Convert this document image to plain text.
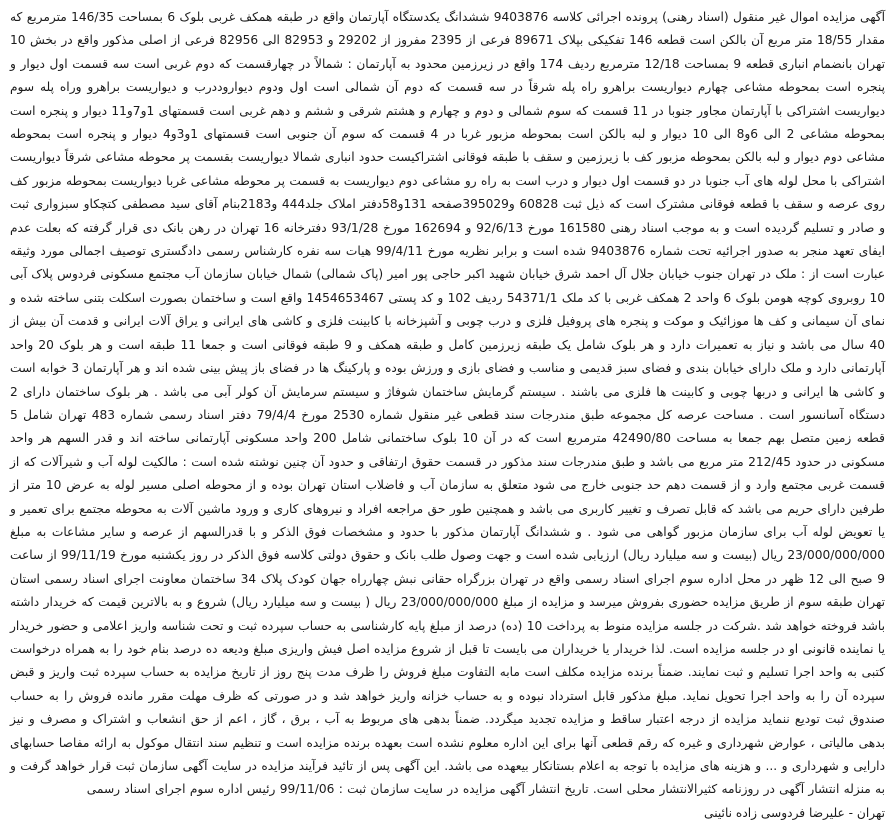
آگهی مزایده اموال غیر منقول (اسناد رهنی) پرونده اجرائی کلاسه 9403876 ششدانگ یکدستگاه آپارتمان واقع در طبقه همکف غربی بلوک 6 بمساحت 146/35 مترمربع که مقدار 18/55 متر مربع آن بالکن است قطعه 146 تفکیکی بپلاک 89671 فرعی از 2395 مفروز از 29202 و 82953 الی 82956 فرعی از اصلی مذکور واقع در بخش 10 تهران بانضمام انباری قطعه 9 بمساحت 12/18 مترمربع ردیف 174 واقع در زیرزمین محدود به آپارتمان : شمالاً در چهارقسمت که دوم غربی است سه قسمت اول دیوار و پنجره است بمحوطه مشاعی چهارم دیواریست براهرو راه پله شرقاً در سه قسمت که دوم آن شمالی است اول ودوم دیواروددرب و دیواریست براهرو وراه پله سوم دیواریست اشتراکی با آپارتمان مجاور جنوبا در 11 قسمت که سوم شمالی و دوم و چهارم و هشتم شرقی و ششم و دهم غربی است قسمتهای 1و7و11 دیوار و پنجره است بمحوطه مشاعی 2 الی 6و8 الی 10 دیوار و لبه بالکن است بمحوطه مزبور غربا در 4 قسمت که سوم آن جنوبی است قسمتهای 1و3و4 دیوار و پنجره است بمحوطه مشاعی دوم دیوار و لبه بالکن بمحوطه مزبور کف با زیرزمین و سقف با طبقه فوقانی اشتراکیست حدود انباری شمالا دیواریست بقسمت پر محوطه مشاعی شرقاً دیواریست اشتراکی با محل لوله های آب جنوبا در دو قسمت اول دیوار و درب است به راه رو مشاعی دوم دیواریست به قسمت پر محوطه مشاعی غربا دیواریست بمحوطه مزبور کف روی عرصه و سقف با قطعه فوقانی مشترک است که ذیل ثبت 60828 و395029صفحه 131و58دفتر املاک جلد444 و2183بنام آقای سید مصطفی کتچکاو سبزواری ثبت و صادر و تسلیم گردیده است و به موجب اسناد رهنی 161580 مورخ 92/6/13 و 162694 مورخ 93/1/28 دفترخانه 16 تهران در رهن بانک دی قرار گرفته که بعلت عدم ایفای تعهد منجر به صدور اجرائیه تحت شماره 9403876 شده است و برابر نظریه مورخ 99/4/11 هیات سه نفره کارشناس رسمی دادگستری توصیف اجمالی مورد وثیقه عبارت است از : ملک در تهران جنوب خیابان جلال آل احمد شرق خیابان شهید اکبر حاجی پور امیر (پاک شمالی) شمال خیابان سازمان آب مجتمع مسکونی فردوس پلاک آبی 10 روبروی کوچه هومن بلوک 6 واحد 2 همکف غربی با کد ملک 54371/1 ردیف 102 و کد پستی 1454653467 واقع است و ساختمان بصورت اسکلت بتنی ساخته شده و نمای آن سیمانی و کف ها موزائیک و موکت و پنجره های پروفیل فلزی و درب چوبی و آشپزخانه با کابینت فلزی و کاشی های ایرانی و یراق آلات ایرانی و قدمت آن بیش از 40 سال می باشد و نیاز به تعمیرات دارد و هر بلوک شامل یک طبقه زیرزمین کامل و طبقه همکف و 9 طبقه فوقانی است و جمعا 11 طبقه است و هر بلوک 20 واحد آپارتمانی دارد و ملک دارای خیابان بندی و فضای سبز قدیمی و مناسب و فضای بازی و ورزش بوده و پارکینگ ها در فضای باز پیش بینی شده اند و هر آپارتمان 3 خوابه است و کاشی ها ایرانی و دربها چوبی و کابینت ها فلزی می باشند . سیستم گرمایش ساختمان شوفاژ و سیستم سرمایش آن کولر آبی می باشد . هر بلوک ساختمان دارای 2 دستگاه آسانسور است . مساحت عرصه کل مجموعه طبق مندرجات سند قطعی غیر منقول شماره 2530 مورخ 79/4/4 دفتر اسناد رسمی شماره 483 تهران شامل 5 قطعه زمین متصل بهم جمعا به مساحت 42490/80 مترمربع است که در آن 10 بلوک ساختمانی شامل 200 واحد مسکونی آپارتمانی ساخته اند و قدر السهم هر واحد مسکونی در حدود 212/45 متر مربع می باشد و طبق مندرجات سند مذکور در قسمت حقوق ارتفاقی و حدود آن چنین نوشته شده است : مالکیت لوله آب و شیرآلات که از قسمت غربی مجتمع وارد و از قسمت دهم حد جنوبی خارج می شود متعلق به سازمان آب و فاضلاب استان تهران بوده و از محوطه اصلی مسیر لوله به عرض 10 متر از طرفین دارای حریم می باشد که قابل تصرف و تغییر کاربری می باشد و همچنین طور حق مراجعه افراد و نیروهای کاری و ورود ماشین آلات به محوطه مجتمع برای تعمیر و یا تعویض لوله آب برای سازمان مزبور گواهی می شود . و ششدانگ آپارتمان مذکور با حدود و مشخصات فوق الذکر و با قدرالسهم از عرصه و سایر مشاعات به مبلغ 23/000/000/000 ریال (بیست و سه میلیارد ریال) ارزیابی شده است و جهت وصول طلب بانک و حقوق دولتی کلاسه فوق الذکر در روز یکشنبه مورخ 99/11/19 از ساعت 9 صبح الی 12 ظهر در محل اداره سوم اجرای اسناد رسمی واقع در تهران بزرگراه حقانی نبش چهارراه جهان کودک پلاک 34 ساختمان معاونت اجرای اسناد رسمی استان تهران طبقه سوم از طریق مزایده حضوری بفروش میرسد و مزایده از مبلغ 23/000/000/000 ریال ( بیست و سه میلیارد ریال) شروع و به بالاترین قیمت که خریدار داشته باشد فروخته خواهد شد .شرکت در جلسه مزایده منوط به پرداخت 10 (ده) درصد از مبلغ پایه کارشناسی به حساب سپرده ثبت و تحت شناسه واریز اعلامی و حضور خریدار یا نماینده قانونی او در جلسه مزایده است. لذا خریدار یا خریداران می بایست تا قبل از شروع مزایده اصل فیش واریزی مبلغ ودیعه ده درصد بنام خود را به همراه درخواست کتبی به واحد اجرا تسلیم و ثبت نمایند. ضمناً برنده مزایده مکلف است مابه التفاوت مبلغ فروش را ظرف مدت پنج روز از تاریخ مزایده به حساب سپرده ثبت واریز و قبض سپرده آن را به واحد اجرا تحویل نماید. مبلغ مذکور قابل استرداد نبوده و به حساب خزانه واریز خواهد شد و در صورتی که ظرف مهلت مقرر مانده فروش را به حساب صندوق ثبت تودیع ننماید مزایده از درجه اعتبار ساقط و مزایده تجدید میگردد. ضمناً بدهی های مربوط به آب ، برق ، گاز ، اعم از حق انشعاب و اشتراک و مصرف و نیز بدهی مالیاتی ، عوارض شهرداری و غیره که رقم قطعی آنها برای این اداره معلوم نشده است بعهده برنده مزایده است و تنظیم سند انتقال موکول به ارائه مفاصا حسابهای دارایی و شهرداری و ... و هزینه های مزایده با توجه به اعلام بستانکار بیعهده می باشد. این آگهی پس از تائید فرآیند مزایده در سایت آگهی سازمان ثبت قرار خواهد گرفت و به منزله انتشار آگهی در روزنامه کثیرالانتشار محلی است. تاریخ انتشار آگهی مزایده در سایت سازمان ثبت : 99/11/06 رئیس اداره سوم اجرای اسناد رسمی

تهران - علیرضا فردوسی زاده نائینی
